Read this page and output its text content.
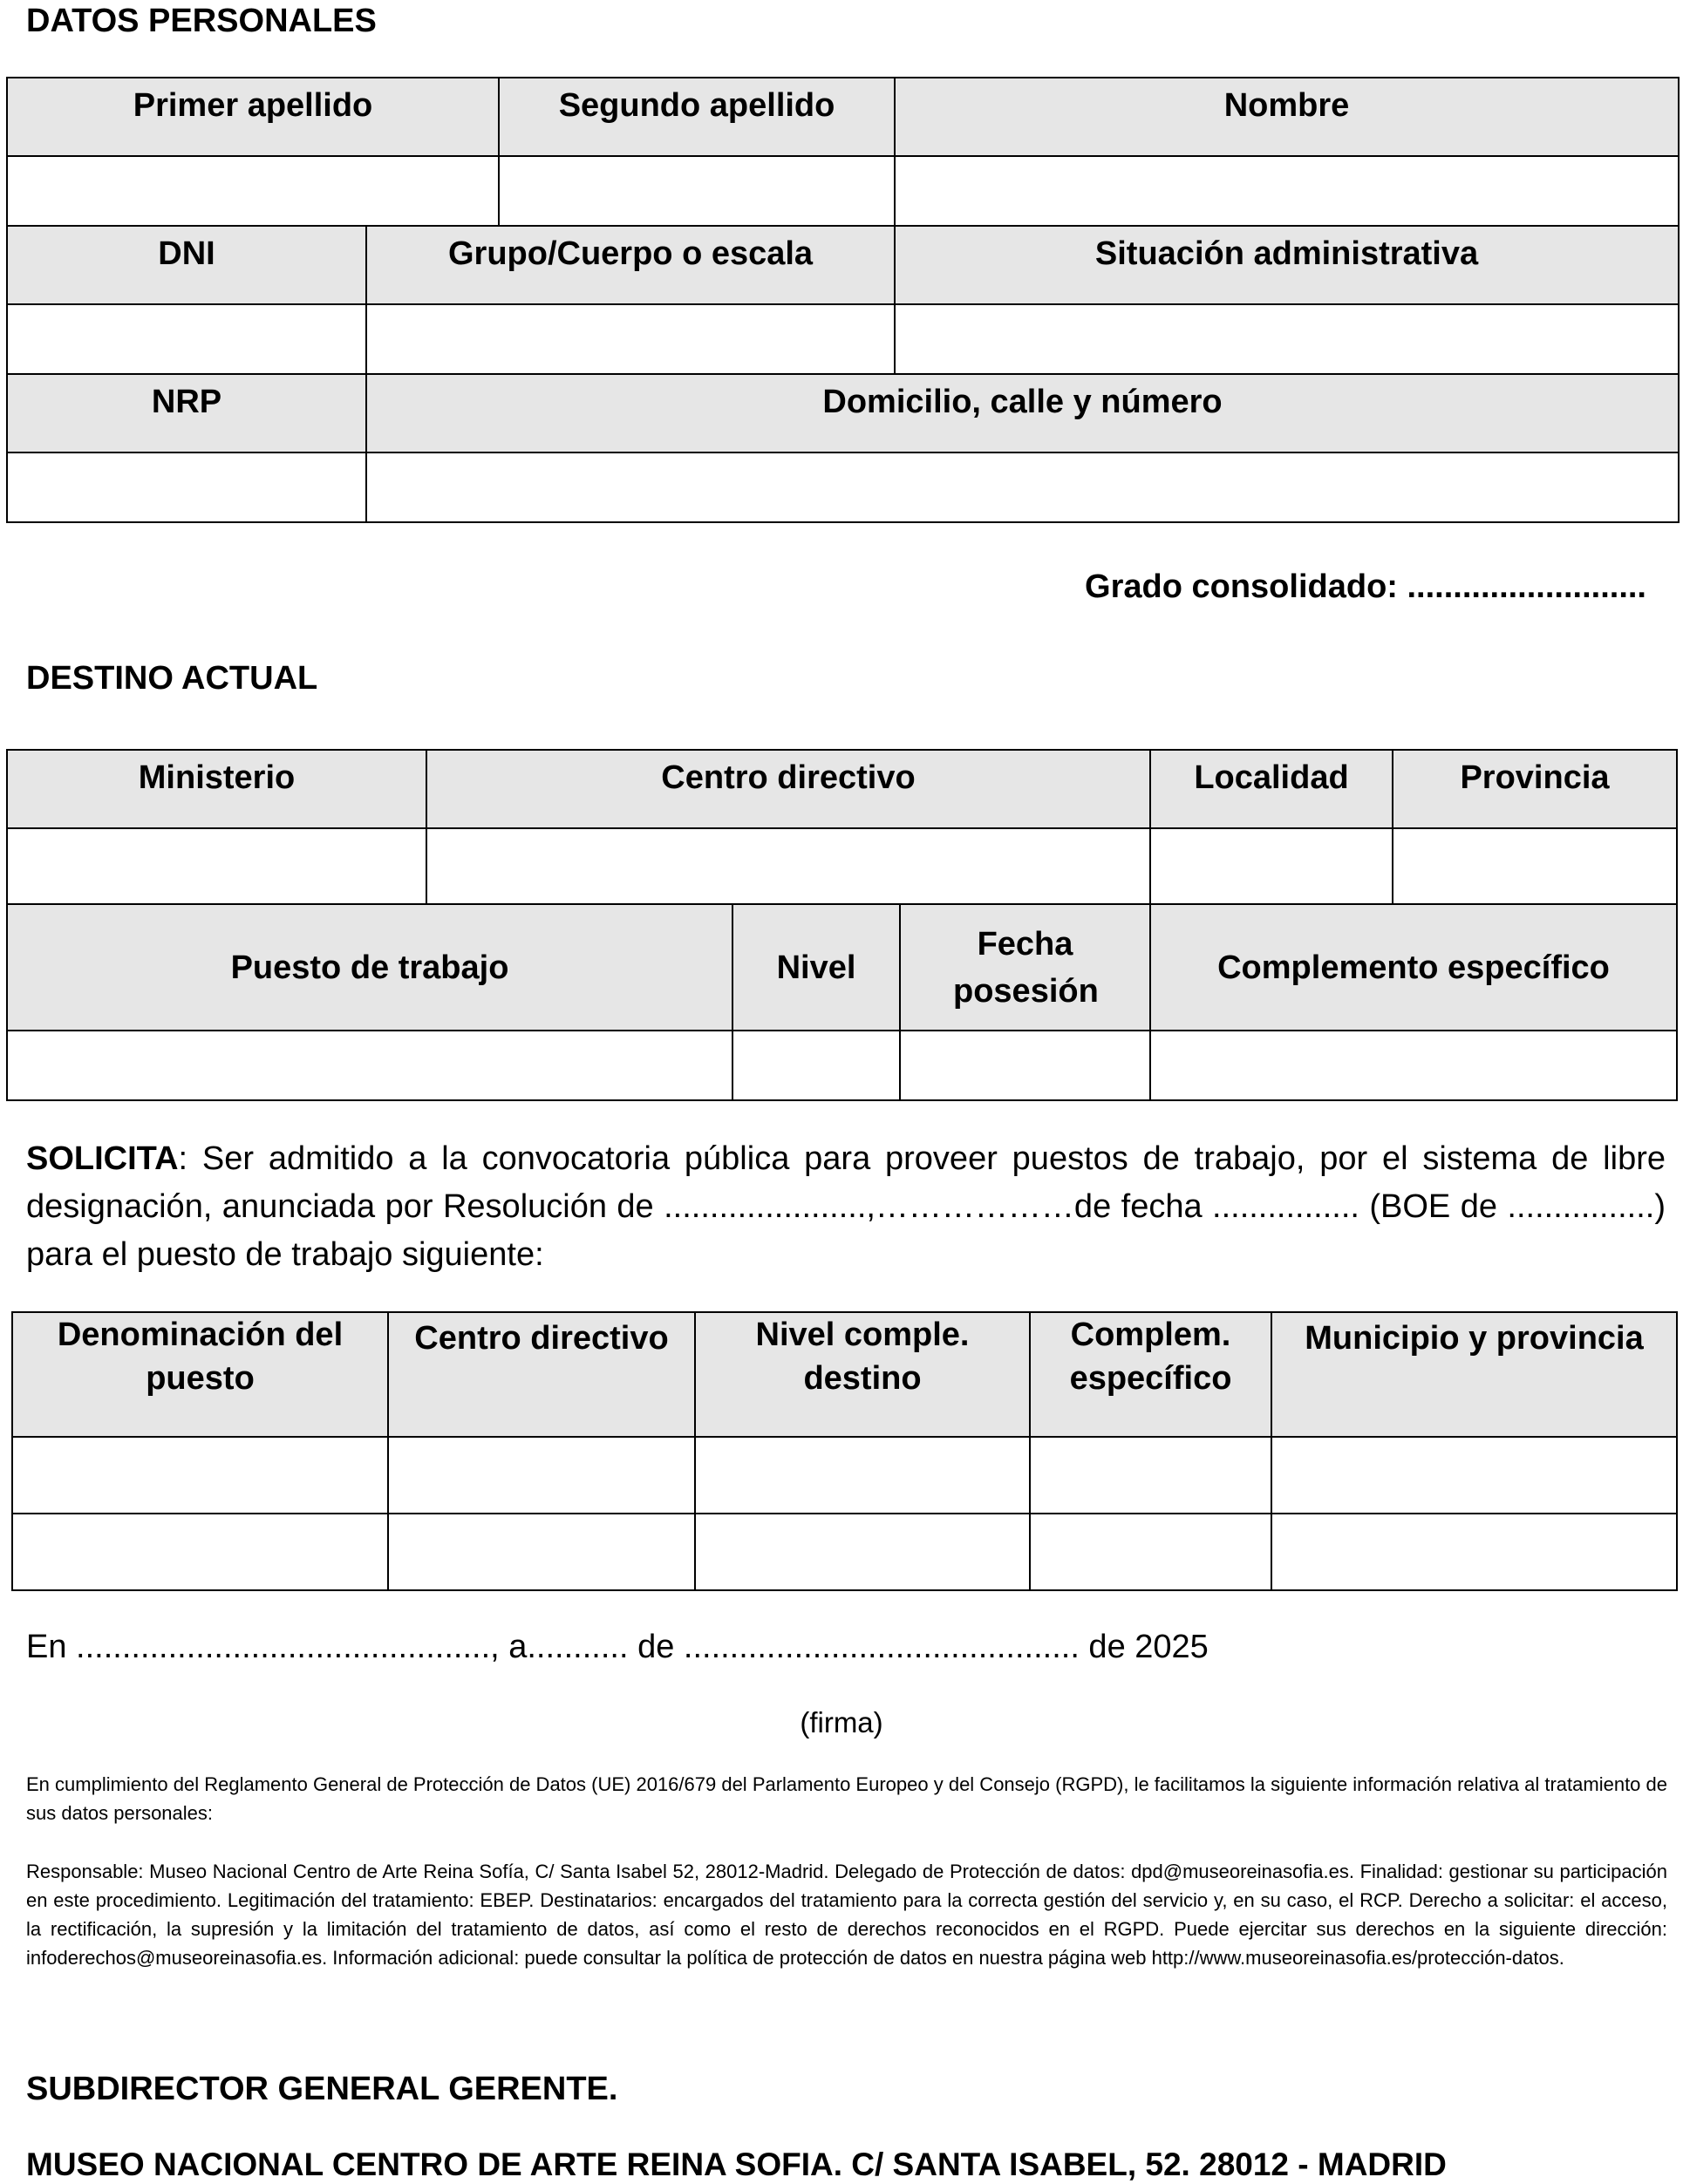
DATOS PERSONALES
Primer apellido		Segundo apellido	Nombre

DNI	Grupo/Cuerpo o escala		Situación administrativa

NRP	Domicilio, calle y número		

Grado consolidado: ..........................
DESTINO ACTUAL
Ministerio	Centro directivo			Localidad	Provincia

Puesto de trabajo		Nivel	Fecha posesión	Complemento específico	

SOLICITA: Ser admitido a la convocatoria pública para proveer puestos de trabajo, por el sistema de libre designación, anunciada por Resolución de ......................,………………de fecha ................ (BOE de ................) para el puesto de trabajo siguiente:
Denominación del puesto	Centro directivo	Nivel comple. destino	Complem. específico	Municipio y provincia

En ............................................., a........... de ........................................... de 2025
(firma)
En cumplimiento del Reglamento General de Protección de Datos (UE) 2016/679 del Parlamento Europeo y del Consejo (RGPD), le facilitamos la siguiente información relativa al tratamiento de sus datos personales:
Responsable: Museo Nacional Centro de Arte Reina Sofía, C/ Santa Isabel 52, 28012-Madrid. Delegado de Protección de datos: dpd@museoreinasofia.es. Finalidad: gestionar su participación en este procedimiento. Legitimación del tratamiento: EBEP. Destinatarios: encargados del tratamiento para la correcta gestión del servicio y, en su caso, el RCP. Derecho a solicitar: el acceso, la rectificación, la supresión y la limitación del tratamiento de datos, así como el resto de derechos reconocidos en el RGPD. Puede ejercitar sus derechos en la siguiente dirección: infoderechos@museoreinasofia.es. Información adicional: puede consultar la política de protección de datos en nuestra página web http://www.museoreinasofia.es/protección-datos.
SUBDIRECTOR GENERAL GERENTE.
MUSEO NACIONAL CENTRO DE ARTE REINA SOFIA. C/ SANTA ISABEL, 52. 28012 - MADRID
